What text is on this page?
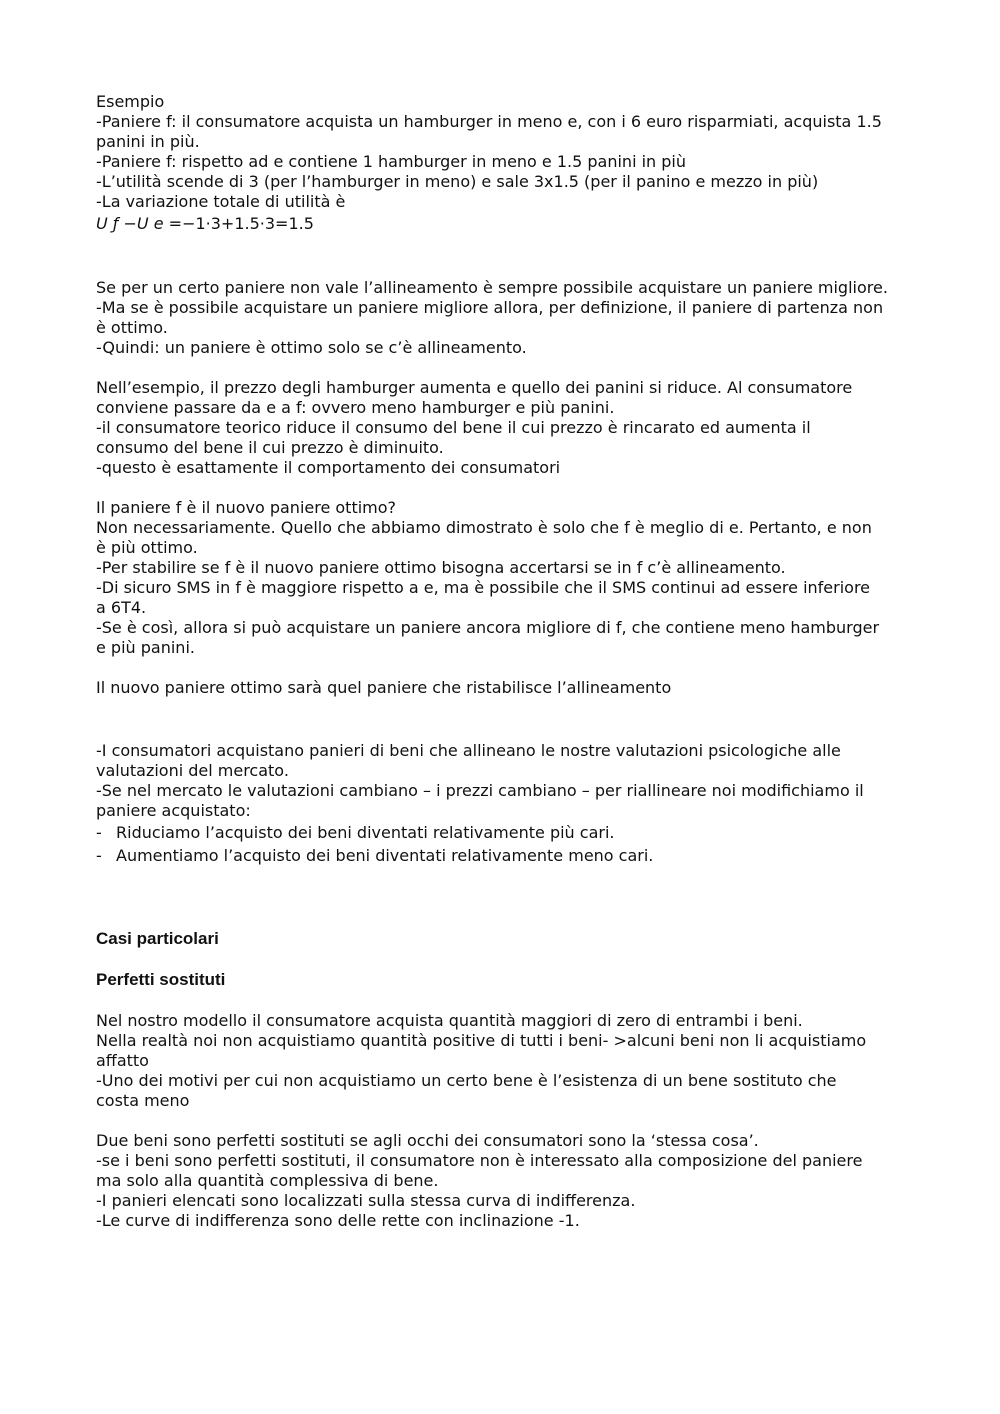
Esempio
-Paniere f: il consumatore acquista un hamburger in meno e, con i 6 euro risparmiati, acquista 1.5
panini in più.
-Paniere f: rispetto ad e contiene 1 hamburger in meno e 1.5 panini in più
-L’utilità scende di 3 (per l’hamburger in meno) e sale 3x1.5 (per il panino e mezzo in più)
-La variazione totale di utilità è
U ƒ −U e =−1·3+1.5·3=1.5
Se per un certo paniere non vale l’allineamento è sempre possibile acquistare un paniere migliore.
-Ma se è possibile acquistare un paniere migliore allora, per definizione, il paniere di partenza non
è ottimo.
-Quindi: un paniere è ottimo solo se c’è allineamento.
Nell’esempio, il prezzo degli hamburger aumenta e quello dei panini si riduce. Al consumatore
conviene passare da e a f: ovvero meno hamburger e più panini.
-il consumatore teorico riduce il consumo del bene il cui prezzo è rincarato ed aumenta il
consumo del bene il cui prezzo è diminuito.
-questo è esattamente il comportamento dei consumatori
Il paniere f è il nuovo paniere ottimo?
Non necessariamente. Quello che abbiamo dimostrato è solo che f è meglio di e. Pertanto, e non
è più ottimo.
-Per stabilire se f è il nuovo paniere ottimo bisogna accertarsi se in f c’è allineamento.
-Di sicuro SMS in f è maggiore rispetto a e, ma è possibile che il SMS continui ad essere inferiore
a 6T4.
-Se è così, allora si può acquistare un paniere ancora migliore di f, che contiene meno hamburger
e più panini.
Il nuovo paniere ottimo sarà quel paniere che ristabilisce l’allineamento
-I consumatori acquistano panieri di beni che allineano le nostre valutazioni psicologiche alle
valutazioni del mercato.
-Se nel mercato le valutazioni cambiano – i prezzi cambiano – per riallineare noi modifichiamo il
paniere acquistato:
- Riduciamo l’acquisto dei beni diventati relativamente più cari.
- Aumentiamo l’acquisto dei beni diventati relativamente meno cari.
Casi particolari
Perfetti sostituti
Nel nostro modello il consumatore acquista quantità maggiori di zero di entrambi i beni.
Nella realtà noi non acquistiamo quantità positive di tutti i beni- >alcuni beni non li acquistiamo
affatto
-Uno dei motivi per cui non acquistiamo un certo bene è l’esistenza di un bene sostituto che
costa meno
Due beni sono perfetti sostituti se agli occhi dei consumatori sono la ‘stessa cosa’.
-se i beni sono perfetti sostituti, il consumatore non è interessato alla composizione del paniere
ma solo alla quantità complessiva di bene.
-I panieri elencati sono localizzati sulla stessa curva di indifferenza.
-Le curve di indifferenza sono delle rette con inclinazione -1.
